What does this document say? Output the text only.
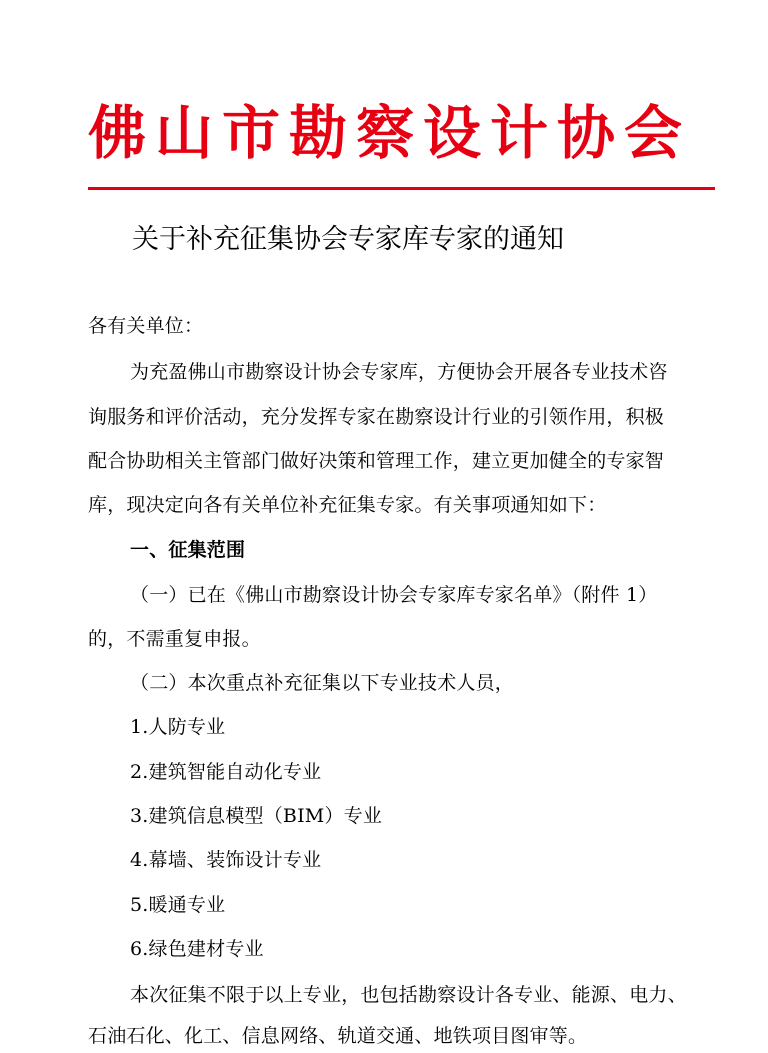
佛山市勘察设计协会
关于补充征集协会专家库专家的通知
各有关单位：
为充盈佛山市勘察设计协会专家库，方便协会开展各专业技术咨
询服务和评价活动，充分发挥专家在勘察设计行业的引领作用，积极
配合协助相关主管部门做好决策和管理工作，建立更加健全的专家智
库，现决定向各有关单位补充征集专家。有关事项通知如下：
一、征集范围
（一）已在《佛山市勘察设计协会专家库专家名单》（附件 1）
的，不需重复申报。
（二）本次重点补充征集以下专业技术人员，
1.人防专业
2.建筑智能自动化专业
3.建筑信息模型（BIM）专业
4.幕墙、装饰设计专业
5.暖通专业
6.绿色建材专业
本次征集不限于以上专业，也包括勘察设计各专业、能源、电力、
石油石化、化工、信息网络、轨道交通、地铁项目图审等。
